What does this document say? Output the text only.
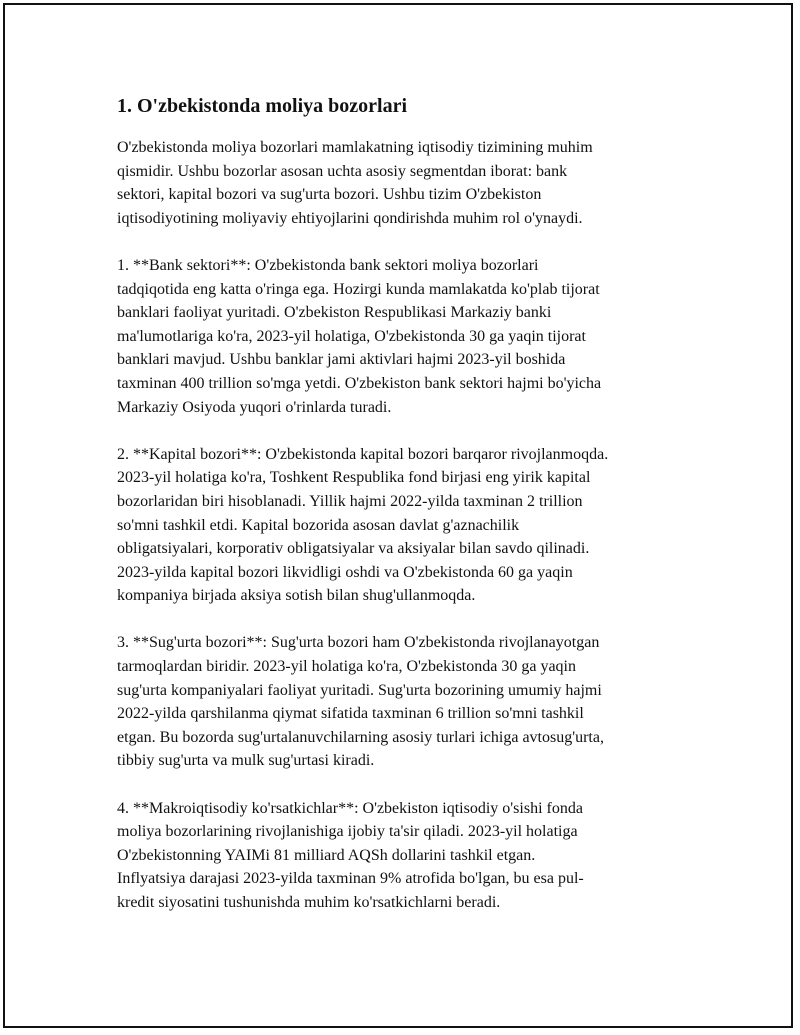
1. O'zbekistonda moliya bozorlari

O'zbekistonda moliya bozorlari mamlakatning iqtisodiy tizimining muhim
qismidir. Ushbu bozorlar asosan uchta asosiy segmentdan iborat: bank
sektori, kapital bozori va sug'urta bozori. Ushbu tizim O'zbekiston
iqtisodiyotining moliyaviy ehtiyojlarini qondirishda muhim rol o'ynaydi.

1. **Bank sektori**: O'zbekistonda bank sektori moliya bozorlari
tadqiqotida eng katta o'ringa ega. Hozirgi kunda mamlakatda ko'plab tijorat
banklari faoliyat yuritadi. O'zbekiston Respublikasi Markaziy banki
ma'lumotlariga ko'ra, 2023-yil holatiga, O'zbekistonda 30 ga yaqin tijorat
banklari mavjud. Ushbu banklar jami aktivlari hajmi 2023-yil boshida
taxminan 400 trillion so'mga yetdi. O'zbekiston bank sektori hajmi bo'yicha
Markaziy Osiyoda yuqori o'rinlarda turadi.

2. **Kapital bozori**: O'zbekistonda kapital bozori barqaror rivojlanmoqda.
2023-yil holatiga ko'ra, Toshkent Respublika fond birjasi eng yirik kapital
bozorlaridan biri hisoblanadi. Yillik hajmi 2022-yilda taxminan 2 trillion
so'mni tashkil etdi. Kapital bozorida asosan davlat g'aznachilik
obligatsiyalari, korporativ obligatsiyalar va aksiyalar bilan savdo qilinadi.
2023-yilda kapital bozori likvidligi oshdi va O'zbekistonda 60 ga yaqin
kompaniya birjada aksiya sotish bilan shug'ullanmoqda.

3. **Sug'urta bozori**: Sug'urta bozori ham O'zbekistonda rivojlanayotgan
tarmoqlardan biridir. 2023-yil holatiga ko'ra, O'zbekistonda 30 ga yaqin
sug'urta kompaniyalari faoliyat yuritadi. Sug'urta bozorining umumiy hajmi
2022-yilda qarshilanma qiymat sifatida taxminan 6 trillion so'mni tashkil
etgan. Bu bozorda sug'urtalanuvchilarning asosiy turlari ichiga avtosug'urta,
tibbiy sug'urta va mulk sug'urtasi kiradi.

4. **Makroiqtisodiy ko'rsatkichlar**: O'zbekiston iqtisodiy o'sishi fonda
moliya bozorlarining rivojlanishiga ijobiy ta'sir qiladi. 2023-yil holatiga
O'zbekistonning YAIMi 81 milliard AQSh dollarini tashkil etgan.
Inflyatsiya darajasi 2023-yilda taxminan 9% atrofida bo'lgan, bu esa pul-
kredit siyosatini tushunishda muhim ko'rsatkichlarni beradi.
